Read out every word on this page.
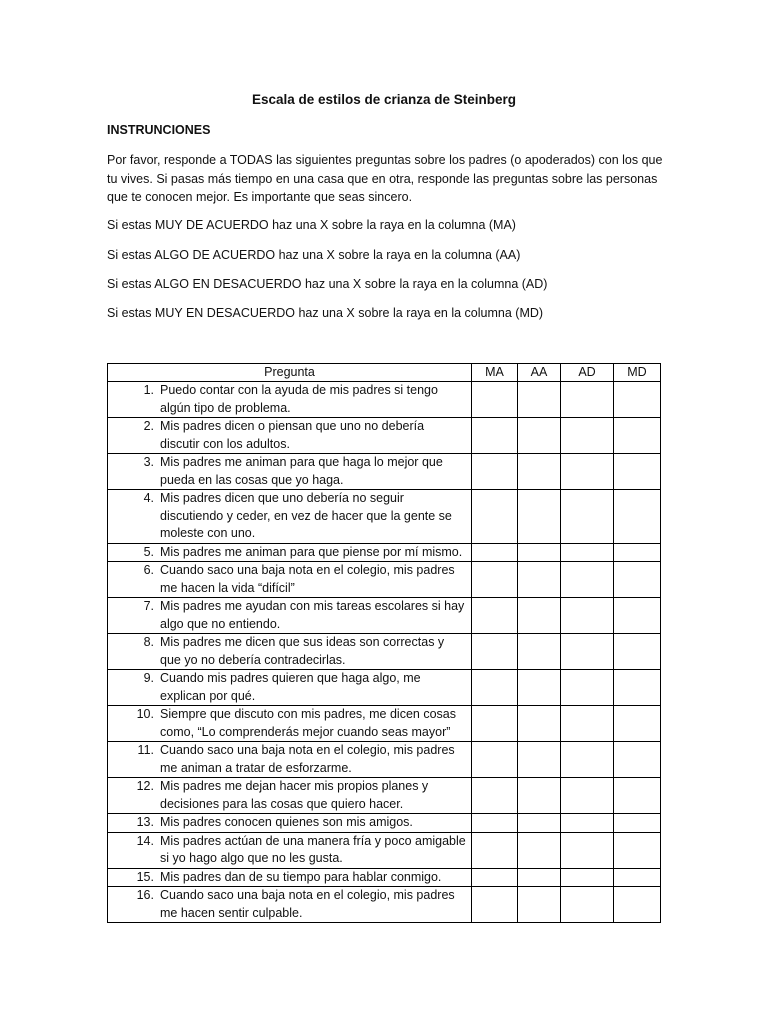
Escala de estilos de crianza de Steinberg
INSTRUNCIONES
Por favor, responde a TODAS las siguientes preguntas sobre los padres (o apoderados) con los que tu vives. Si pasas más tiempo en una casa que en otra, responde las preguntas sobre las personas que te conocen mejor. Es importante que seas sincero.
Si estas MUY DE ACUERDO haz una X sobre la raya en la columna (MA)
Si estas ALGO DE ACUERDO haz una X sobre la raya en la columna (AA)
Si estas ALGO EN DESACUERDO haz una X sobre la raya en la columna (AD)
Si estas MUY EN DESACUERDO haz una X sobre la raya en la columna (MD)
Pregunta	MA	AA	AD	MD

1. Puedo contar con la ayuda de mis padres si tengo algún tipo de problema.				

2. Mis padres dicen o piensan que uno no debería discutir con los adultos.				

3. Mis padres me animan para que haga lo mejor que pueda en las cosas que yo haga.				

4. Mis padres dicen que uno debería no seguir discutiendo y ceder, en vez de hacer que la gente se moleste con uno.				

5. Mis padres me animan para que piense por mí mismo.				

6. Cuando saco una baja nota en el colegio, mis padres me hacen la vida “difícil”				

7. Mis padres me ayudan con mis tareas escolares si hay algo que no entiendo.				

8. Mis padres me dicen que sus ideas son correctas y que yo no debería contradecirlas.				

9. Cuando mis padres quieren que haga algo, me explican por qué.				

10. Siempre que discuto con mis padres, me dicen cosas como, “Lo comprenderás mejor cuando seas mayor”				

11. Cuando saco una baja nota en el colegio, mis padres me animan a tratar de esforzarme.				

12. Mis padres me dejan hacer mis propios planes y decisiones para las cosas que quiero hacer.				

13. Mis padres conocen quienes son mis amigos.				

14. Mis padres actúan de una manera fría y poco amigable si yo hago algo que no les gusta.				

15. Mis padres dan de su tiempo para hablar conmigo.				

16. Cuando saco una baja nota en el colegio, mis padres me hacen sentir culpable.				
